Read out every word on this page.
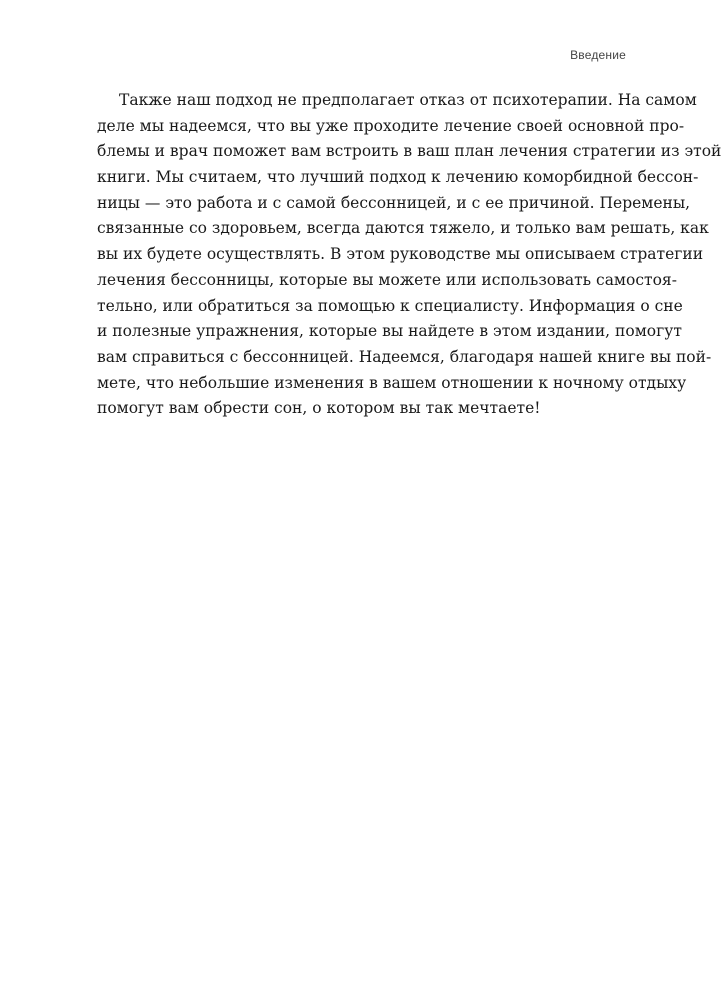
Введение
Также наш подход не предполагает отказ от психотерапии. На самом
деле мы надеемся, что вы уже проходите лечение своей основной про-
блемы и врач поможет вам встроить в ваш план лечения стратегии из этой
книги. Мы считаем, что лучший подход к лечению коморбидной бессон-
ницы — это работа и с самой бессонницей, и с ее причиной. Перемены,
связанные со здоровьем, всегда даются тяжело, и только вам решать, как
вы их будете осуществлять. В этом руководстве мы описываем стратегии
лечения бессонницы, которые вы можете или использовать самостоя-
тельно, или обратиться за помощью к специалисту. Информация о сне
и полезные упражнения, которые вы найдете в этом издании, помогут
вам справиться с бессонницей. Надеемся, благодаря нашей книге вы пой-
мете, что небольшие изменения в вашем отношении к ночному отдыху
помогут вам обрести сон, о котором вы так мечтаете!
